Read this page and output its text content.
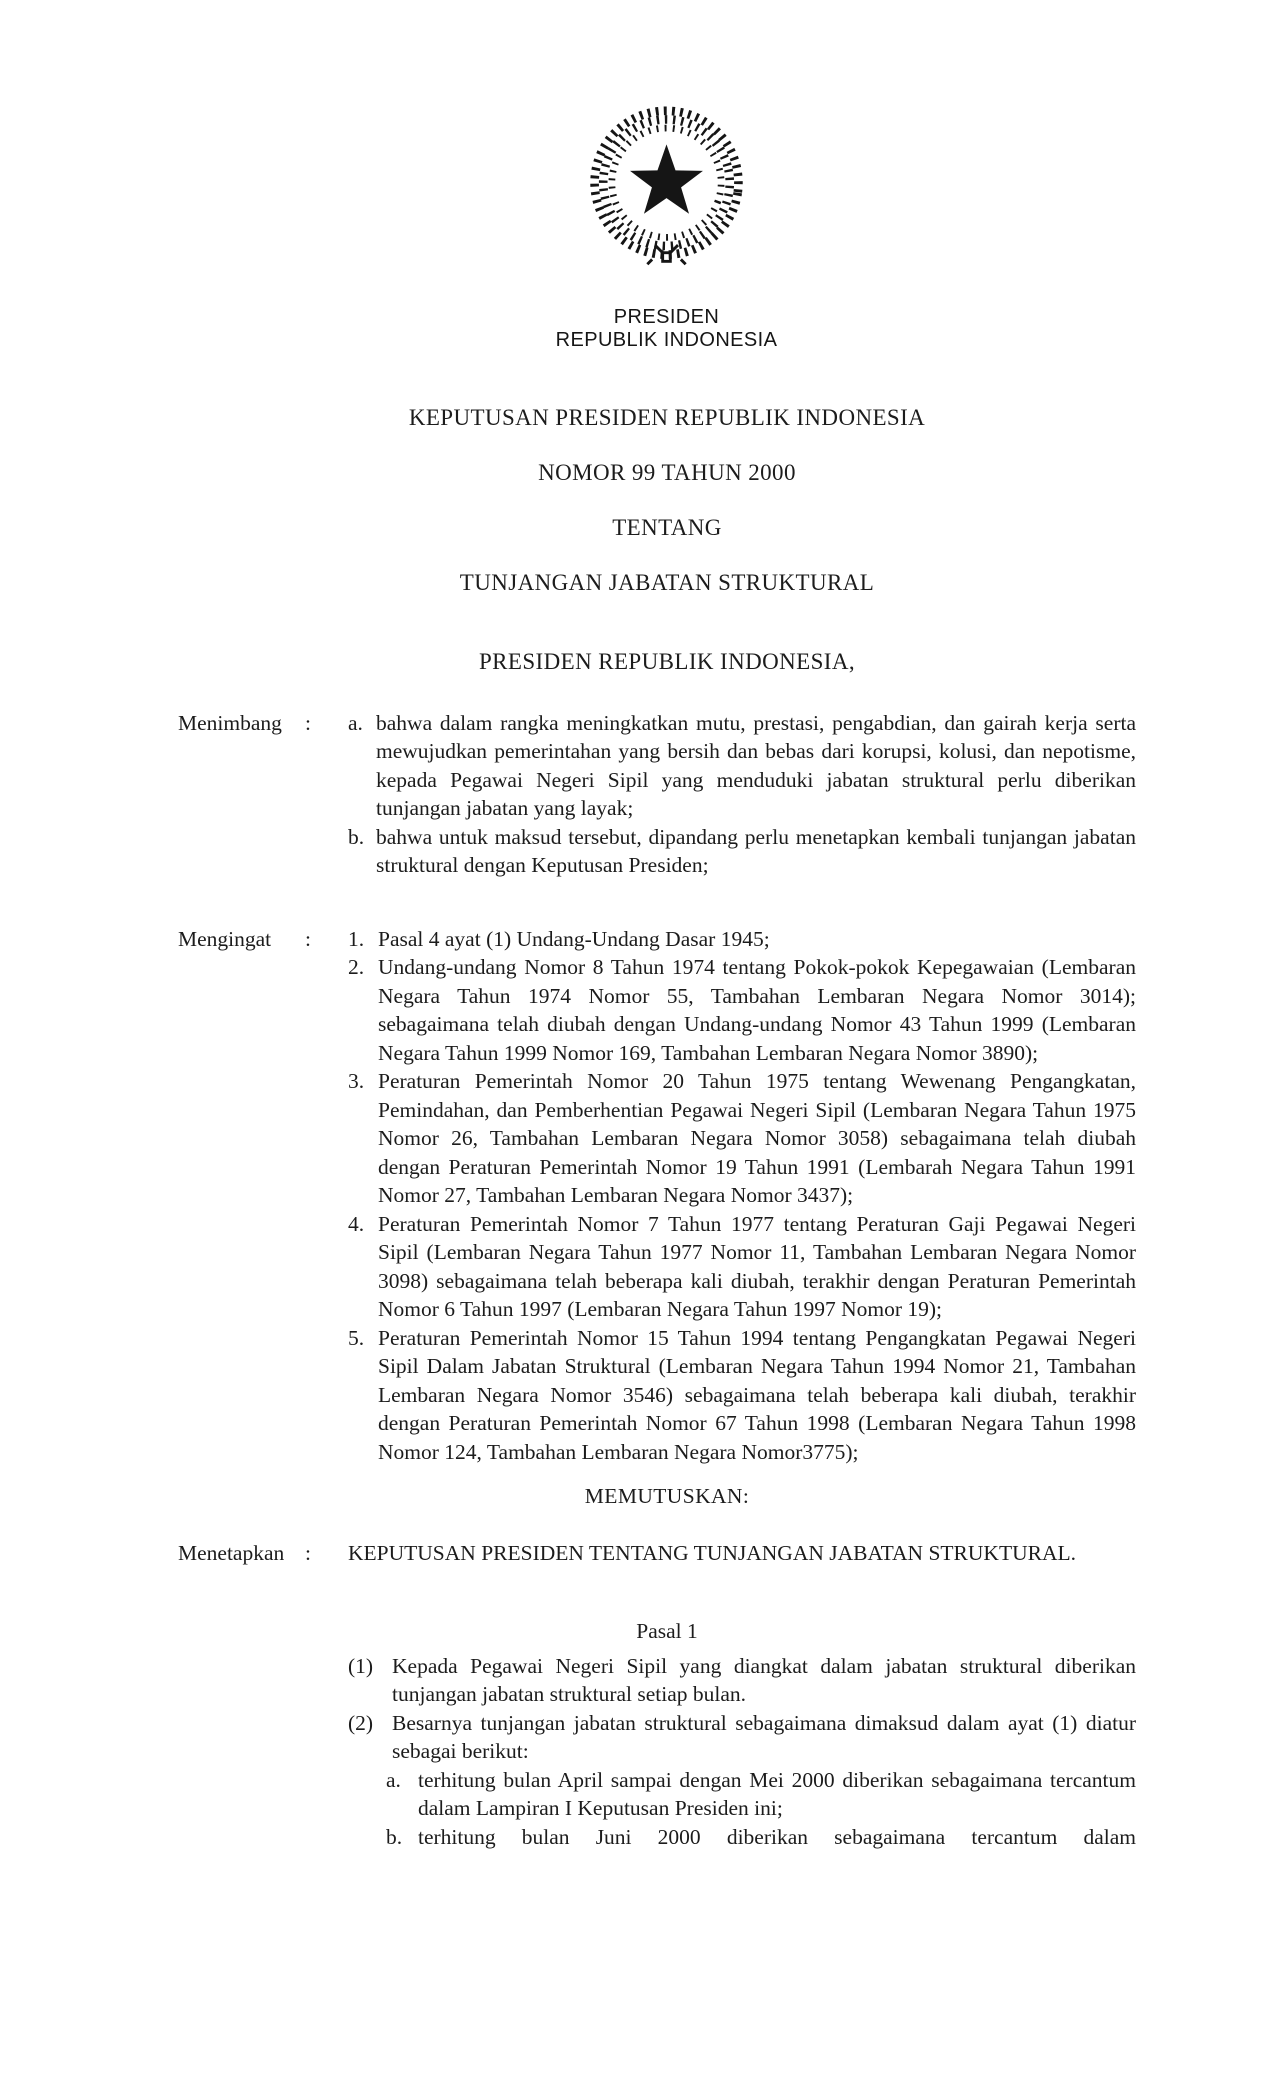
PRESIDEN
REPUBLIK INDONESIA
KEPUTUSAN PRESIDEN REPUBLIK INDONESIA
NOMOR 99 TAHUN 2000
TENTANG
TUNJANGAN JABATAN STRUKTURAL
PRESIDEN REPUBLIK INDONESIA,
Menimbang :	a. bahwa dalam rangka meningkatkan mutu, prestasi, pengabdian, dan gairah kerja serta mewujudkan pemerintahan yang bersih dan bebas dari korupsi, kolusi, dan nepotisme, kepada Pegawai Negeri Sipil yang menduduki jabatan struktural perlu diberikan tunjangan jabatan yang layak;
b. bahwa untuk maksud tersebut, dipandang perlu menetapkan kembali tunjangan jabatan struktural dengan Keputusan Presiden;
Mengingat :	1. Pasal 4 ayat (1) Undang-Undang Dasar 1945;
2. Undang-undang Nomor 8 Tahun 1974 tentang Pokok-pokok Kepegawaian (Lembaran Negara Tahun 1974 Nomor 55, Tambahan Lembaran Negara Nomor 3014); sebagaimana telah diubah dengan Undang-undang Nomor 43 Tahun 1999 (Lembaran Negara Tahun 1999 Nomor 169, Tambahan Lembaran Negara Nomor 3890);
3. Peraturan Pemerintah Nomor 20 Tahun 1975 tentang Wewenang Pengangkatan, Pemindahan, dan Pemberhentian Pegawai Negeri Sipil (Lembaran Negara Tahun 1975 Nomor 26, Tambahan Lembaran Negara Nomor 3058) sebagaimana telah diubah dengan Peraturan Pemerintah Nomor 19 Tahun 1991 (Lembarah Negara Tahun 1991 Nomor 27, Tambahan Lembaran Negara Nomor 3437);
4. Peraturan Pemerintah Nomor 7 Tahun 1977 tentang Peraturan Gaji Pegawai Negeri Sipil (Lembaran Negara Tahun 1977 Nomor 11, Tambahan Lembaran Negara Nomor 3098) sebagaimana telah beberapa kali diubah, terakhir dengan Peraturan Pemerintah Nomor 6 Tahun 1997 (Lembaran Negara Tahun 1997 Nomor 19);
5. Peraturan Pemerintah Nomor 15 Tahun 1994 tentang Pengangkatan Pegawai Negeri Sipil Dalam Jabatan Struktural (Lembaran Negara Tahun 1994 Nomor 21, Tambahan Lembaran Negara Nomor 3546) sebagaimana telah beberapa kali diubah, terakhir dengan Peraturan Pemerintah Nomor 67 Tahun 1998 (Lembaran Negara Tahun 1998 Nomor 124, Tambahan Lembaran Negara Nomor3775);
MEMUTUSKAN:
Menetapkan :	KEPUTUSAN PRESIDEN TENTANG TUNJANGAN JABATAN STRUKTURAL.
Pasal 1
(1) Kepada Pegawai Negeri Sipil yang diangkat dalam jabatan struktural diberikan tunjangan jabatan struktural setiap bulan.
(2) Besarnya tunjangan jabatan struktural sebagaimana dimaksud dalam ayat (1) diatur sebagai berikut:
a. terhitung bulan April sampai dengan Mei 2000 diberikan sebagaimana tercantum dalam Lampiran I Keputusan Presiden ini;
b. terhitung bulan Juni 2000 diberikan sebagaimana tercantum dalam
